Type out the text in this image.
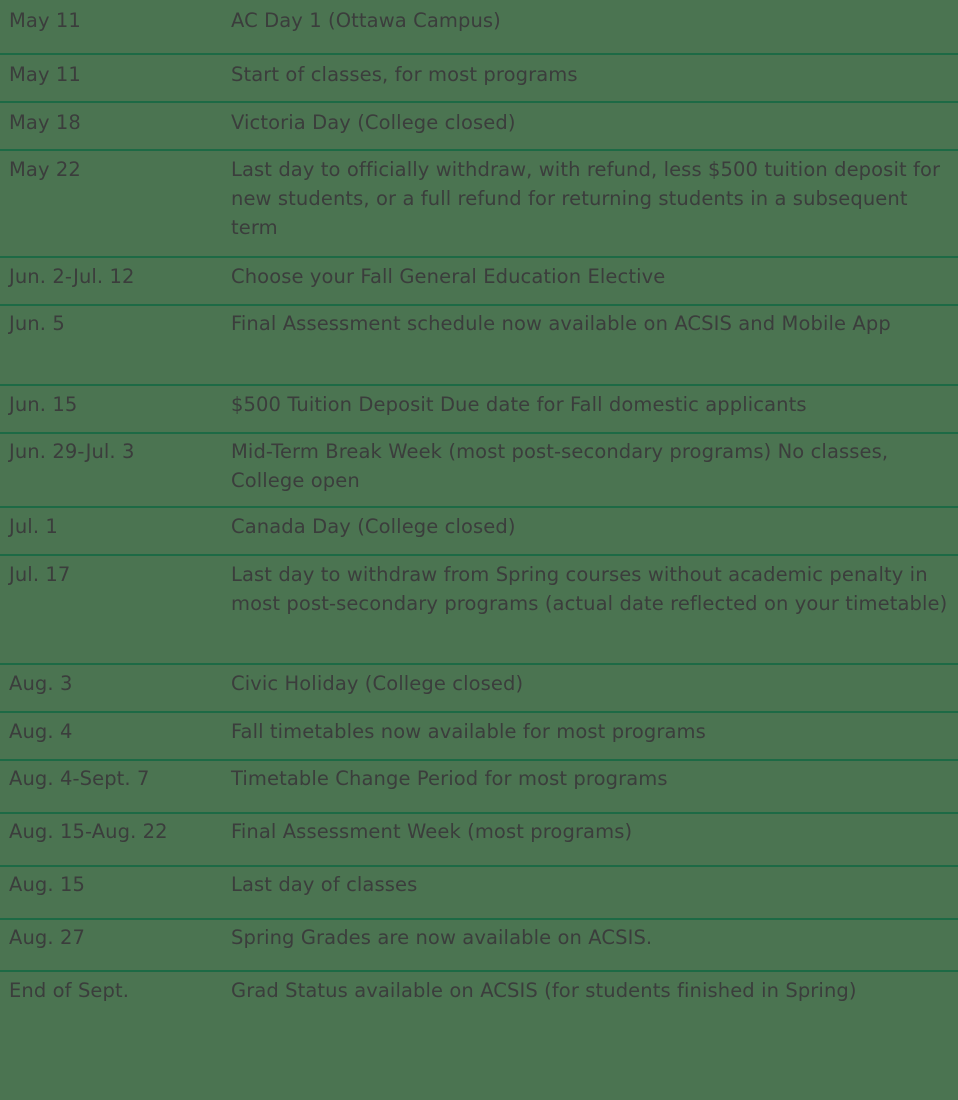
May 11	AC Day 1 (Ottawa Campus)
May 11	Start of classes, for most programs
May 18	Victoria Day (College closed)
May 22	Last day to officially withdraw, with refund, less $500 tuition deposit for new students, or a full refund for returning students in a subsequent term
Jun. 2-Jul. 12	Choose your Fall General Education Elective
Jun. 5	Final Assessment schedule now available on ACSIS and Mobile App
Jun. 15	$500 Tuition Deposit Due date for Fall domestic applicants
Jun. 29-Jul. 3	Mid-Term Break Week (most post-secondary programs) No classes, College open
Jul. 1	Canada Day (College closed)
Jul. 17	Last day to withdraw from Spring courses without academic penalty in most post-secondary programs (actual date reflected on your timetable)
Aug. 3	Civic Holiday (College closed)
Aug. 4	Fall timetables now available for most programs
Aug. 4-Sept. 7	Timetable Change Period for most programs
Aug. 15-Aug. 22	Final Assessment Week (most programs)
Aug. 15	Last day of classes
Aug. 27	Spring Grades are now available on ACSIS.
End of Sept.	Grad Status available on ACSIS (for students finished in Spring)
